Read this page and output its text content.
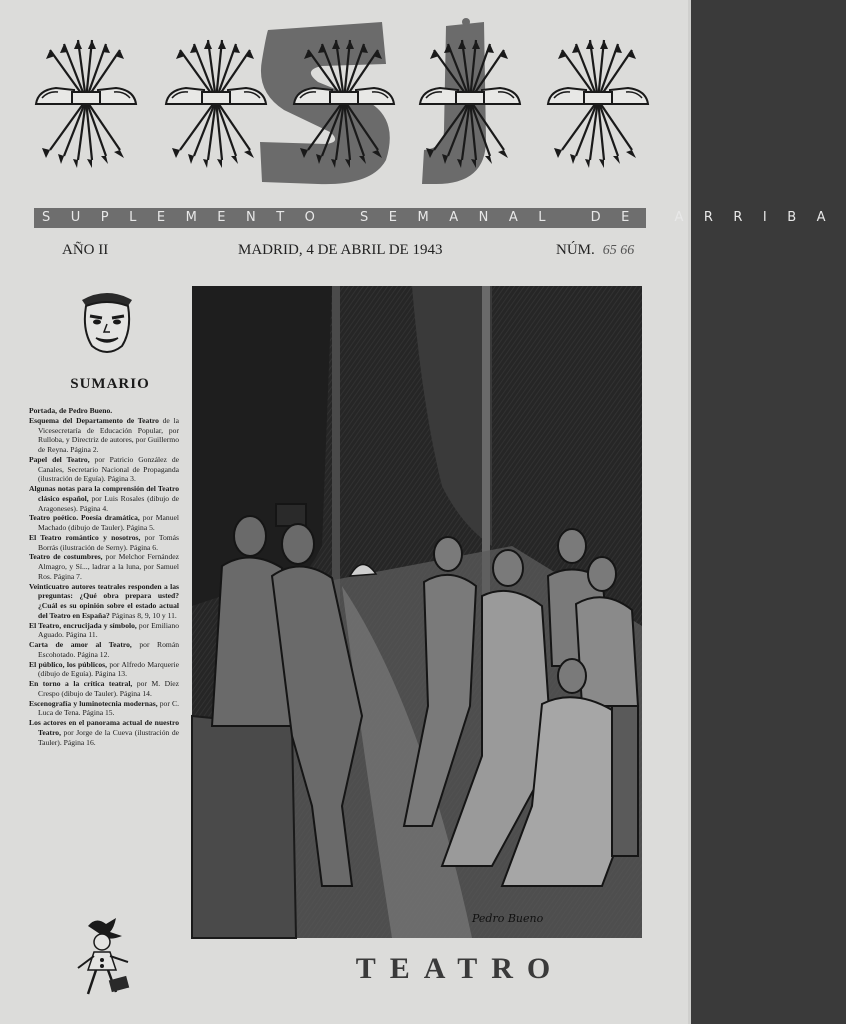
SUPLEMENTO SEMANAL DE ARRIBA
AÑO II	MADRID, 4 DE ABRIL DE 1943	NÚM. 65 66
SUMARIO
Portada, de Pedro Bueno.
Esquema del Departamento de Teatro de la Vicesecretaría de Educación Popular, por Rulloba, y Directriz de autores, por Guillermo de Reyna. Página 2.
Papel del Teatro, por Patricio González de Canales, Secretario Nacional de Propaganda (ilustración de Eguía). Página 3.
Algunas notas para la comprensión del Teatro clásico español, por Luis Rosales (dibujo de Aragoneses). Página 4.
Teatro poético. Poesía dramática, por Manuel Machado (dibujo de Tauler). Página 5.
El Teatro romántico y nosotros, por Tomás Borrás (ilustración de Serny). Página 6.
Teatro de costumbres, por Melchor Fernández Almagro, y Sí..., ladrar a la luna, por Samuel Ros. Página 7.
Veinticuatro autores teatrales responden a las preguntas: ¿Qué obra prepara usted? ¿Cuál es su opinión sobre el estado actual del Teatro en España? Páginas 8, 9, 10 y 11.
El Teatro, encrucijada y símbolo, por Emiliano Aguado. Página 11.
Carta de amor al Teatro, por Román Escohotado. Página 12.
El público, los públicos, por Alfredo Marquerie (dibujo de Eguía). Página 13.
En torno a la crítica teatral, por M. Díez Crespo (dibujo de Tauler). Página 14.
Escenografía y luminotecnia modernas, por C. Luca de Tena. Página 15.
Los actores en el panorama actual de nuestro Teatro, por Jorge de la Cueva (ilustración de Tauler). Página 16.
Pedro Bueno
TEATRO
